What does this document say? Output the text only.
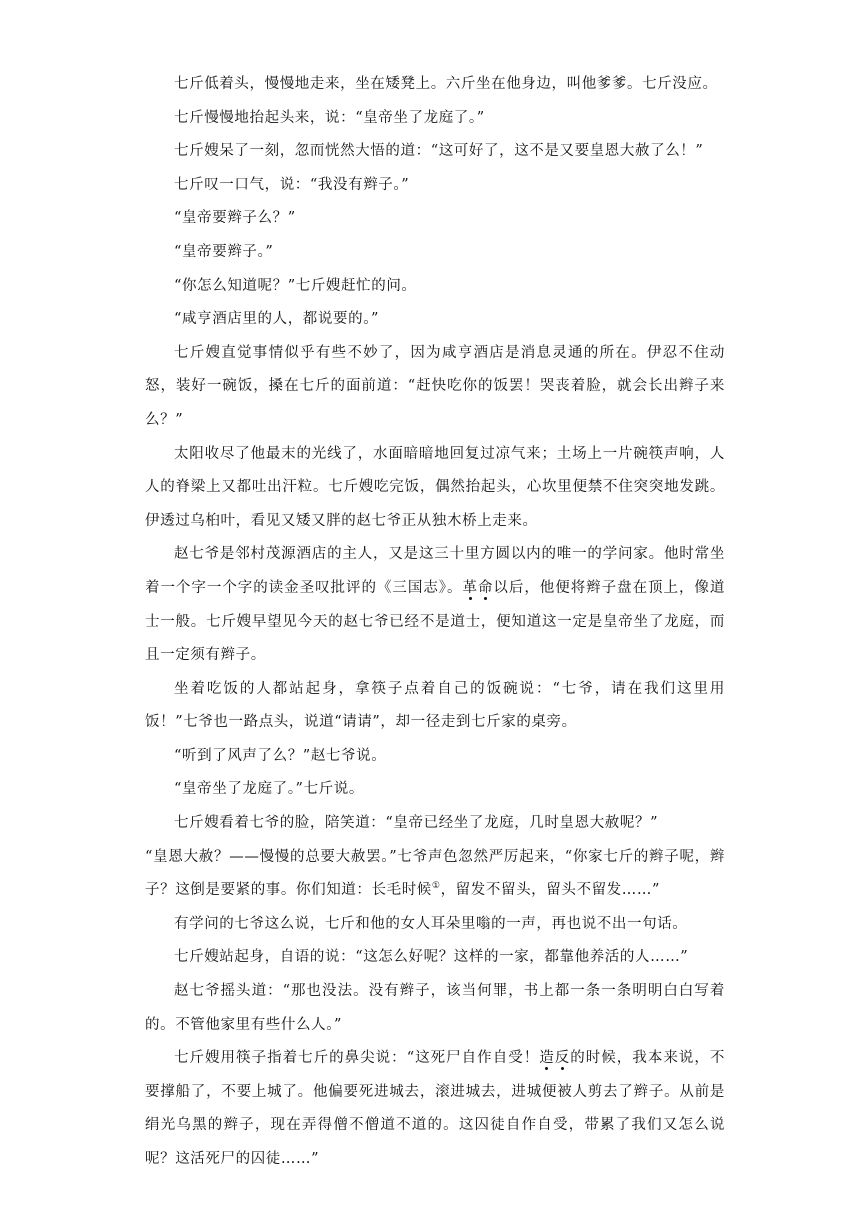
七斤低着头，慢慢地走来，坐在矮凳上。六斤坐在他身边，叫他爹爹。七斤没应。

七斤慢慢地抬起头来，说：“皇帝坐了龙庭了。”

七斤嫂呆了一刻，忽而恍然大悟的道：“这可好了，这不是又要皇恩大赦了么！”

七斤叹一口气，说：“我没有辫子。”

“皇帝要辫子么？”

“皇帝要辫子。”

“你怎么知道呢？”七斤嫂赶忙的问。

“咸亨酒店里的人，都说要的。”

七斤嫂直觉事情似乎有些不妙了，因为咸亨酒店是消息灵通的所在。伊忍不住动怒，装好一碗饭，搡在七斤的面前道：“赶快吃你的饭罢！哭丧着脸，就会长出辫子来么？”

太阳收尽了他最末的光线了，水面暗暗地回复过凉气来；土场上一片碗筷声响，人人的脊梁上又都吐出汗粒。七斤嫂吃完饭，偶然抬起头，心坎里便禁不住突突地发跳。伊透过乌桕叶，看见又矮又胖的赵七爷正从独木桥上走来。

赵七爷是邻村茂源酒店的主人，又是这三十里方圆以内的唯一的学问家。他时常坐着一个字一个字的读金圣叹批评的《三国志》。革命以后，他便将辫子盘在顶上，像道士一般。七斤嫂早望见今天的赵七爷已经不是道士，便知道这一定是皇帝坐了龙庭，而且一定须有辫子。

坐着吃饭的人都站起身，拿筷子点着自己的饭碗说：“七爷，请在我们这里用饭！”七爷也一路点头，说道“请请”，却一径走到七斤家的桌旁。

“听到了风声了么？”赵七爷说。

“皇帝坐了龙庭了。”七斤说。

七斤嫂看着七爷的脸，陪笑道：“皇帝已经坐了龙庭，几时皇恩大赦呢？”

“皇恩大赦？——慢慢的总要大赦罢。”七爷声色忽然严厉起来，“你家七斤的辫子呢，辫子？这倒是要紧的事。你们知道：长毛时候①，留发不留头，留头不留发……”

有学问的七爷这么说，七斤和他的女人耳朵里嗡的一声，再也说不出一句话。

七斤嫂站起身，自语的说：“这怎么好呢？这样的一家，都靠他养活的人……”

赵七爷摇头道：“那也没法。没有辫子，该当何罪，书上都一条一条明明白白写着的。不管他家里有些什么人。”

七斤嫂用筷子指着七斤的鼻尖说：“这死尸自作自受！造反的时候，我本来说，不要撑船了，不要上城了。他偏要死进城去，滚进城去，进城便被人剪去了辫子。从前是绢光乌黑的辫子，现在弄得僧不僧道不道的。这囚徒自作自受，带累了我们又怎么说呢？这活死尸的囚徒……”
